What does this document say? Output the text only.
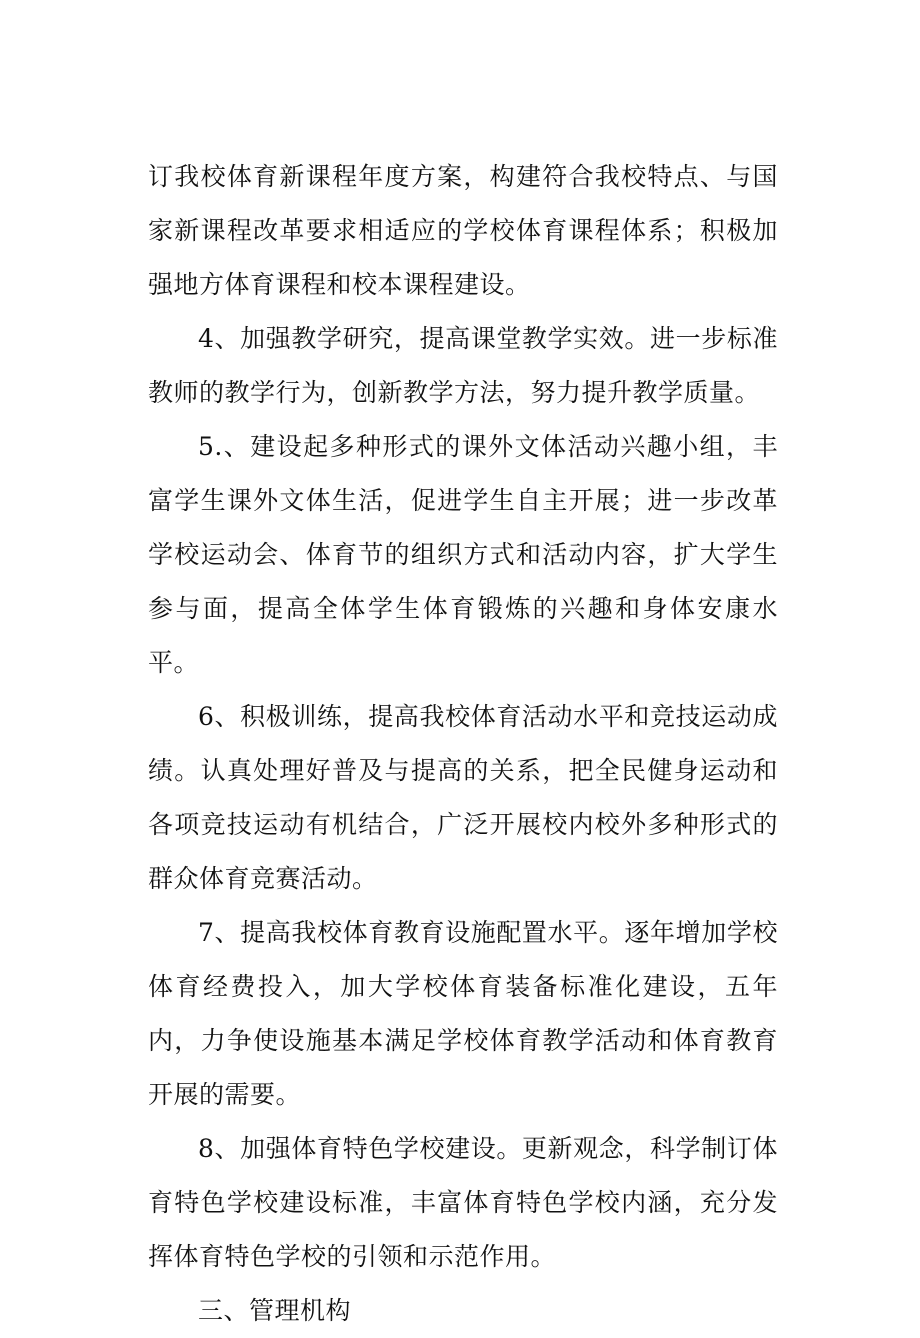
订我校体育新课程年度方案，构建符合我校特点、与国家新课程改革要求相适应的学校体育课程体系；积极加强地方体育课程和校本课程建设。

4、加强教学研究，提高课堂教学实效。进一步标准教师的教学行为，创新教学方法，努力提升教学质量。

5.、建设起多种形式的课外文体活动兴趣小组，丰富学生课外文体生活，促进学生自主开展；进一步改革学校运动会、体育节的组织方式和活动内容，扩大学生参与面，提高全体学生体育锻炼的兴趣和身体安康水平。

6、积极训练，提高我校体育活动水平和竞技运动成绩。认真处理好普及与提高的关系，把全民健身运动和各项竞技运动有机结合，广泛开展校内校外多种形式的群众体育竞赛活动。

7、提高我校体育教育设施配置水平。逐年增加学校体育经费投入，加大学校体育装备标准化建设，五年内，力争使设施基本满足学校体育教学活动和体育教育开展的需要。

8、加强体育特色学校建设。更新观念，科学制订体育特色学校建设标准，丰富体育特色学校内涵，充分发挥体育特色学校的引领和示范作用。

三、管理机构
